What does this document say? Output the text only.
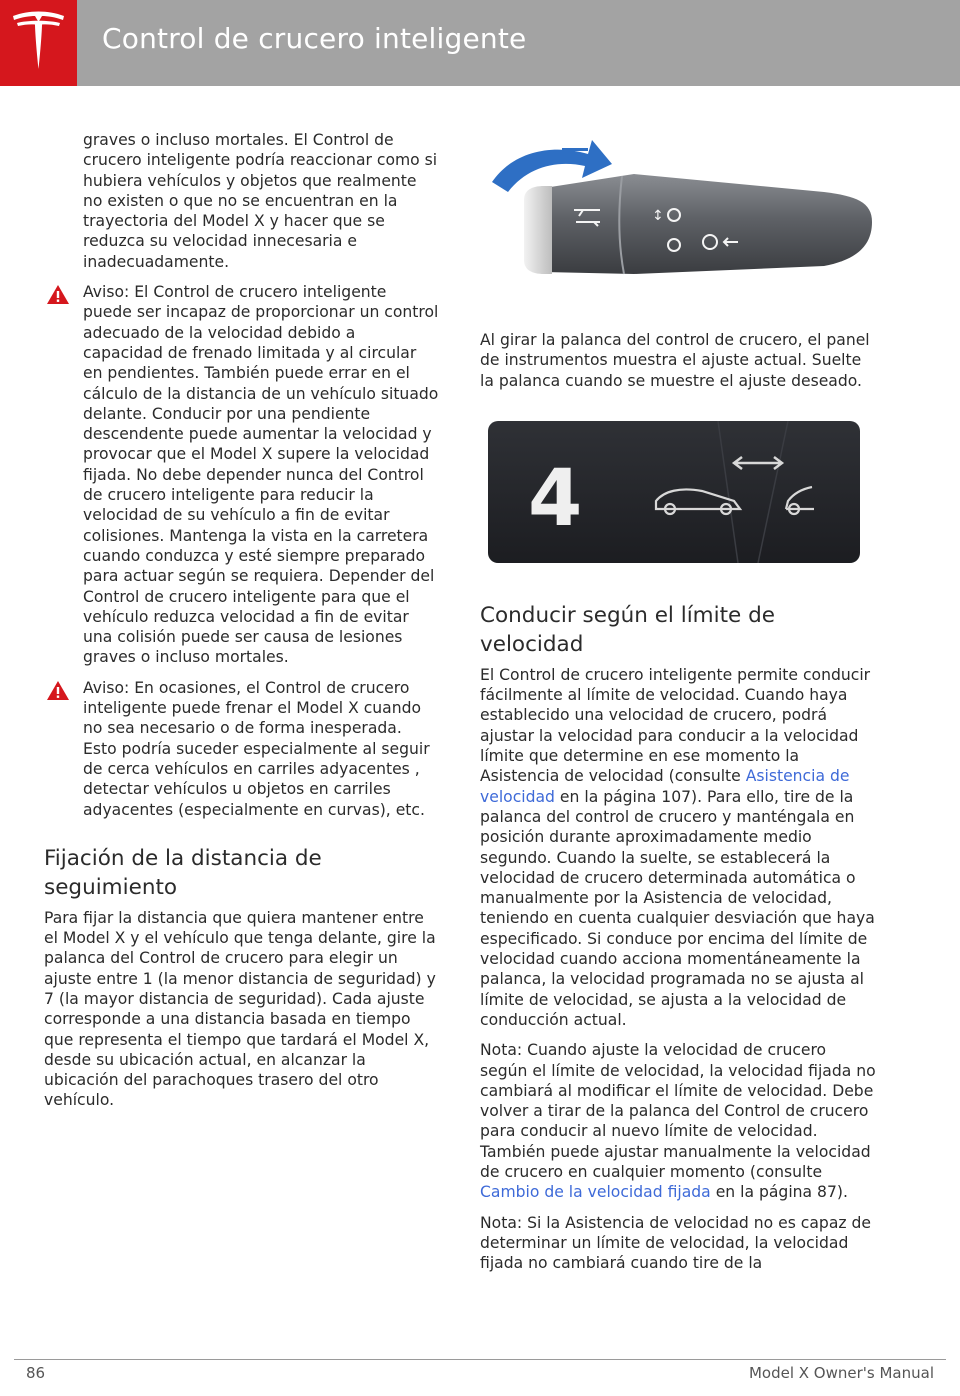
Control de crucero inteligente

graves o incluso mortales. El Control de crucero inteligente podría reaccionar como si hubiera vehículos y objetos que realmente no existen o que no se encuentran en la trayectoria del Model X y hacer que se reduzca su velocidad innecesaria e inadecuadamente.

Aviso: El Control de crucero inteligente puede ser incapaz de proporcionar un control adecuado de la velocidad debido a capacidad de frenado limitada y al circular en pendientes. También puede errar en el cálculo de la distancia de un vehículo situado delante. Conducir por una pendiente descendente puede aumentar la velocidad y provocar que el Model X supere la velocidad fijada. No debe depender nunca del Control de crucero inteligente para reducir la velocidad de su vehículo a fin de evitar colisiones. Mantenga la vista en la carretera cuando conduzca y esté siempre preparado para actuar según se requiera. Depender del Control de crucero inteligente para que el vehículo reduzca velocidad a fin de evitar una colisión puede ser causa de lesiones graves o incluso mortales.
Aviso: En ocasiones, el Control de crucero inteligente puede frenar el Model X cuando no sea necesario o de forma inesperada. Esto podría suceder especialmente al seguir de cerca vehículos en carriles adyacentes , detectar vehículos u objetos en carriles adyacentes (especialmente en curvas), etc.
Fijación de la distancia de seguimiento

Para fijar la distancia que quiera mantener entre el Model X y el vehículo que tenga delante, gire la palanca del Control de crucero para elegir un ajuste entre 1 (la menor distancia de seguridad) y 7 (la mayor distancia de seguridad). Cada ajuste corresponde a una distancia basada en tiempo que representa el tiempo que tardará el Model X, desde su ubicación actual, en alcanzar la ubicación del parachoques trasero del otro vehículo.

↕

Al girar la palanca del control de crucero, el panel de instrumentos muestra el ajuste actual. Suelte la palanca cuando se muestre el ajuste deseado.

4
Conducir según el límite de velocidad

El Control de crucero inteligente permite conducir fácilmente al límite de velocidad. Cuando haya establecido una velocidad de crucero, podrá ajustar la velocidad para conducir a la velocidad límite que determine en ese momento la Asistencia de velocidad (consulte Asistencia de velocidad en la página 107). Para ello, tire de la palanca del control de crucero y manténgala en posición durante aproximadamente medio segundo. Cuando la suelte, se establecerá la velocidad de crucero determinada automática o manualmente por la Asistencia de velocidad, teniendo en cuenta cualquier desviación que haya especificado. Si conduce por encima del límite de velocidad cuando acciona momentáneamente la palanca, la velocidad programada no se ajusta al límite de velocidad, se ajusta a la velocidad de conducción actual.

Nota: Cuando ajuste la velocidad de crucero según el límite de velocidad, la velocidad fijada no cambiará al modificar el límite de velocidad. Debe volver a tirar de la palanca del Control de crucero para conducir al nuevo límite de velocidad. También puede ajustar manualmente la velocidad de crucero en cualquier momento (consulte Cambio de la velocidad fijada en la página 87).

Nota: Si la Asistencia de velocidad no es capaz de determinar un límite de velocidad, la velocidad fijada no cambiará cuando tire de la

86	Model X Owner's Manual
